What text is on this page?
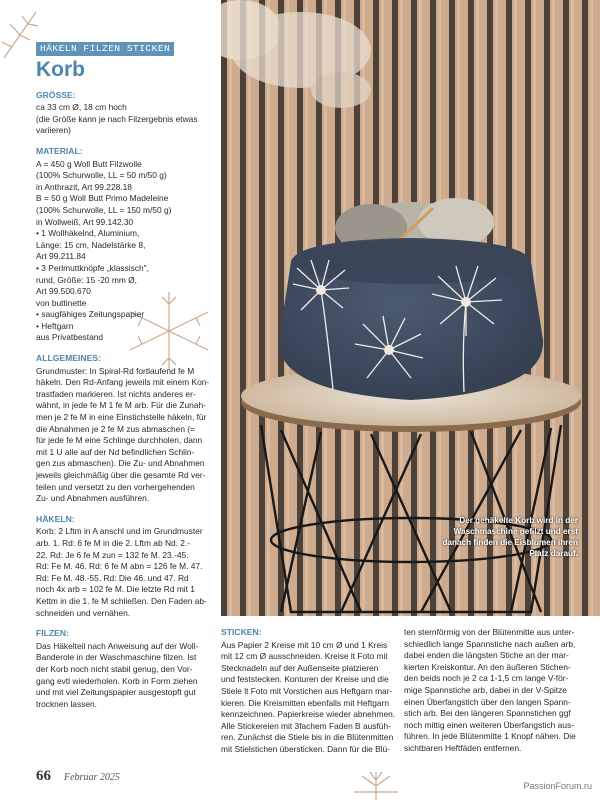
HÄKELN FILZEN STICKEN
Korb
GRÖSSE:
ca 33 cm Ø, 18 cm hoch
(die Größe kann je nach Filzergebnis etwas
variieren)
MATERIAL:
A = 450 g Woll Butt Filzwolle
(100% Schurwolle, LL = 50 m/50 g)
in Anthrazit, Art 99.228.18
B = 50 g Woll Butt Primo Madeleine
(100% Schurwolle, LL = 150 m/50 g)
in Wollweiß, Art 99.142.30
• 1 Wollhäkelnd, Aluminium,
Länge: 15 cm, Nadelstärke 8,
Art 99.211.84
• 3 Perlmuttknöpfe „klassisch",
rund, Größe: 15 -20 mm Ø,
Art 99.500.670
von buttinette
• saugfähiges Zeitungspapier
• Heftgarn
aus Privatbestand
ALLGEMEINES:
Grundmuster: In Spiral-Rd fortlaufend fe M
häkeln. Den Rd-Anfang jeweils mit einem Kon-
trastfaden markieren. Ist nichts anderes er-
wähnt, in jede fe M 1 fe M arb. Für die Zunah-
men je 2 fe M in eine Einstichstelle häkeln, für
die Abnahmen je 2 fe M zus abmaschen (=
für jede fe M eine Schlinge durchholen, dann
mit 1 U alle auf der Nd befindlichen Schlin-
gen zus abmaschen). Die Zu- und Abnahmen
jeweils gleichmäßig über die gesamte Rd ver-
teilen und versetzt zu den vorhergehenden
Zu- und Abnahmen ausführen.
HÄKELN:
Korb: 2 Lftm in A anschl und im Grundmuster
arb. 1. Rd: 6 fe M in die 2. Lftm ab Nd. 2.-
22. Rd: Je 6 fe M zun = 132 fe M. 23.-45.
Rd: Fe M. 46. Rd: 6 fe M abn = 126 fe M. 47.
Rd: Fe M. 48.-55. Rd: Die 46. und 47. Rd
noch 4x arb = 102 fe M. Die letzte Rd mit 1
Kettm in die 1. fe M schließen. Den Faden ab-
schneiden und vernähen.
FILZEN:
Das Häkelteil nach Anweisung auf der Woll-
Banderole in der Waschmaschine filzen. Ist
der Korb noch nicht stabil genug, den Vor-
gang evtl wiederholen. Korb in Form ziehen
und mit viel Zeitungspapier ausgestopft gut
trocknen lassen.
Der gehäkelte Korb wird in der
Waschmaschine gefilzt und erst
danach finden die Eisblumen ihren
Platz darauf.
STICKEN:
Aus Papier 2 Kreise mit 10 cm Ø und 1 Kreis
mit 12 cm Ø ausschneiden. Kreise lt Foto mit
Stecknadeln auf der Außenseite platzieren
und feststecken. Konturen der Kreise und die
Stiele lt Foto mit Vorstichen aus Heftgarn mar-
kieren. Die Kreismitten ebenfalls mit Heftgarn
kennzeichnen. Papierkreise wieder abnehmen.
Alle Stickereien mit 3fachem Faden B ausfüh-
ren. Zunächst die Stiele bis in die Blütenmitten
mit Stielstichen übersticken. Dann für die Blü-
ten sternförmig von der Blütenmitte aus unter-
schiedlich lange Spannstiche nach außen arb,
dabei enden die längsten Stiche an der mar-
kierten Kreiskontur. An den äußeren Stichen-
den beids noch je 2 ca 1-1,5 cm lange V-för-
mige Spannstiche arb, dabei in der V-Spitze
einen Überfangstich über den langen Spann-
stich arb. Bei den längeren Spannstichen ggf
noch mittig einen weiteren Überfangstich aus-
führen. In jede Blütenmitte 1 Knopf nähen. Die
sichtbaren Heftfäden entfernen.
66 Februar 2025
PassionForum.ru
